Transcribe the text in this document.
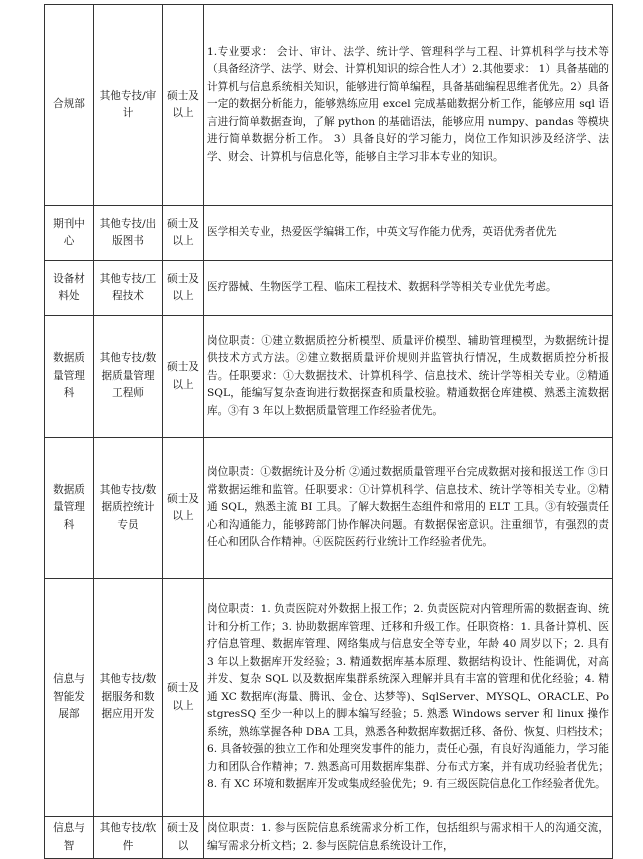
合规部	其他专技/审计	硕士及以上	1.专业要求： 会计、审计、法学、统计学、管理科学与工程、计算机科学与技术等（具备经济学、法学、财会、计算机知识的综合性人才）2.其他要求： 1）具备基础的计算机与信息系统相关知识，能够进行简单编程，具备基础编程思维者优先。2）具备一定的数据分析能力，能够熟练应用 excel 完成基础数据分析工作，能够应用 sql 语言进行简单数据查询，了解 python 的基础语法，能够应用 numpy、pandas 等模块进行简单数据分析工作。 3）具备良好的学习能力，岗位工作知识涉及经济学、法学、财会、计算机与信息化等，能够自主学习非本专业的知识。
期刊中心	其他专技/出版图书	硕士及以上	医学相关专业，热爱医学编辑工作，中英文写作能力优秀，英语优秀者优先
设备材料处	其他专技/工程技术	硕士及以上	医疗器械、生物医学工程、临床工程技术、数据科学等相关专业优先考虑。
数据质量管理科	其他专技/数据质量管理工程师	硕士及以上	岗位职责：①建立数据质控分析模型、质量评价模型、辅助管理模型，为数据统计提供技术方式方法。②建立数据质量评价规则并监管执行情况，生成数据质控分析报告。任职要求：①大数据技术、计算机科学、信息技术、统计学等相关专业。②精通 SQL，能编写复杂查询进行数据探查和质量校验。精通数据仓库建模、熟悉主流数据库。③有 3 年以上数据质量管理工作经验者优先。
数据质量管理科	其他专技/数据质控统计专员	硕士及以上	岗位职责：①数据统计及分析 ②通过数据质量管理平台完成数据对接和报送工作 ③日常数据运维和监管。任职要求：①计算机科学、信息技术、统计学等相关专业。②精通 SQL，熟悉主流 BI 工具。了解大数据生态组件和常用的 ELT 工具。③有较强责任心和沟通能力，能够跨部门协作解决问题。有数据保密意识。注重细节，有强烈的责任心和团队合作精神。④医院医药行业统计工作经验者优先。
信息与智能发展部	其他专技/数据服务和数据应用开发	硕士及以上	岗位职责：1. 负责医院对外数据上报工作；2. 负责医院对内管理所需的数据查询、统计和分析工作；3. 协助数据库管理、迁移和升级工作。任职资格：1. 具备计算机、医疗信息管理、数据库管理、网络集成与信息安全等专业，年龄 40 周岁以下；2. 具有 3 年以上数据库开发经验；3. 精通数据库基本原理、数据结构设计、性能调优，对高并发、复杂 SQL 以及数据库集群系统深入理解并具有丰富的管理和优化经验；4. 精通 XC 数据库(海量、腾讯、金仓、达梦等)、SqlServer、MYSQL、ORACLE、PostgresSQ 至少一种以上的脚本编写经验；5. 熟悉 Windows server 和 linux 操作系统，熟练掌握各种 DBA 工具，熟悉各种数据库数据迁移、备份、恢复、归档技术；6. 具备较强的独立工作和处理突发事件的能力，责任心强，有良好沟通能力，学习能力和团队合作精神；7. 熟悉高可用数据库集群、分布式方案，并有成功经验者优先；8. 有 XC 环境和数据库开发或集成经验优先；9. 有三级医院信息化工作经验者优先。
信息与智	其他专技/软件	硕士及以	岗位职责：1. 参与医院信息系统需求分析工作，包括组织与需求相干人的沟通交流，编写需求分析文档；2. 参与医院信息系统设计工作，
